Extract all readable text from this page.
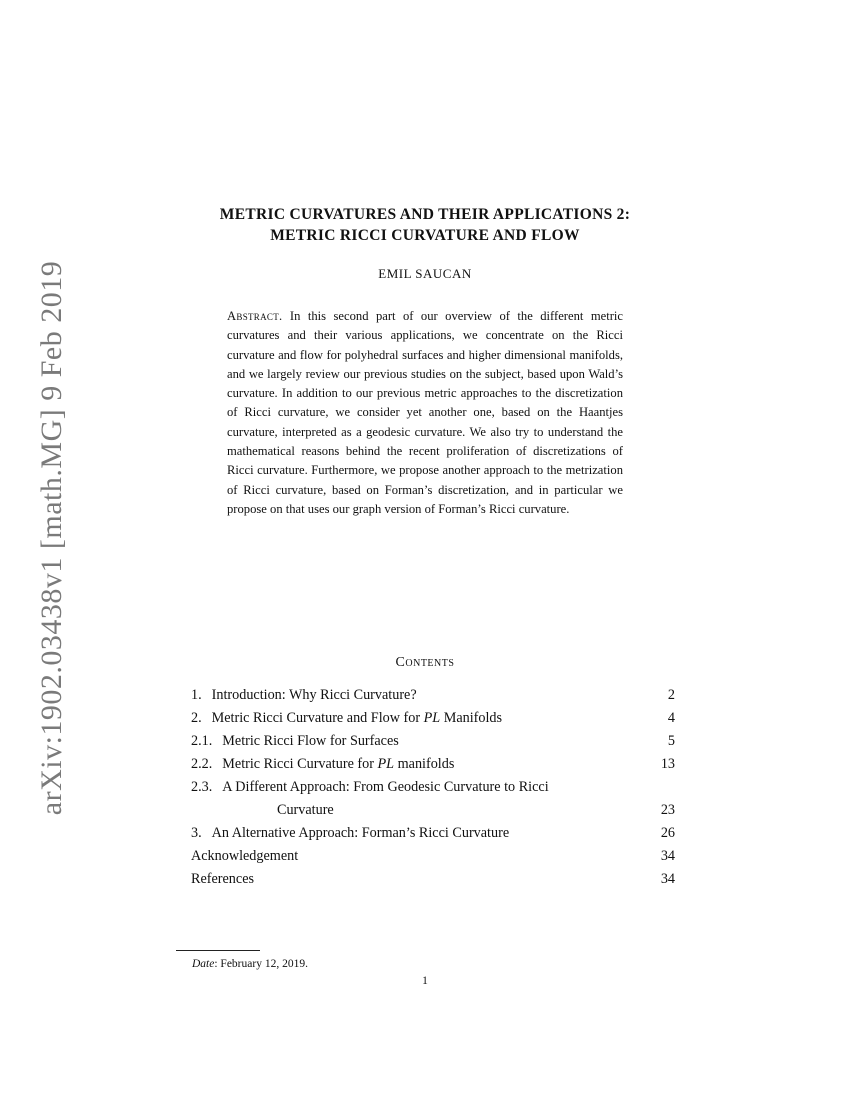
arXiv:1902.03438v1 [math.MG] 9 Feb 2019
METRIC CURVATURES AND THEIR APPLICATIONS 2:
METRIC RICCI CURVATURE AND FLOW
EMIL SAUCAN
Abstract. In this second part of our overview of the different metric curvatures and their various applications, we concentrate on the Ricci curvature and flow for polyhedral surfaces and higher dimensional manifolds, and we largely review our previous studies on the subject, based upon Wald’s curvature. In addition to our previous metric approaches to the discretization of Ricci curvature, we consider yet another one, based on the Haantjes curvature, interpreted as a geodesic curvature. We also try to understand the mathematical reasons behind the recent proliferation of discretizations of Ricci curvature. Furthermore, we propose another approach to the metrization of Ricci curvature, based on Forman’s discretization, and in particular we propose on that uses our graph version of Forman’s Ricci curvature.
Contents
1. Introduction: Why Ricci Curvature?	2
2. Metric Ricci Curvature and Flow for PL Manifolds	4
2.1. Metric Ricci Flow for Surfaces	5
2.2. Metric Ricci Curvature for PL manifolds	13
2.3. A Different Approach: From Geodesic Curvature to Ricci
Curvature	23
3. An Alternative Approach: Forman’s Ricci Curvature	26
Acknowledgement	34
References	34
Date: February 12, 2019.
1
